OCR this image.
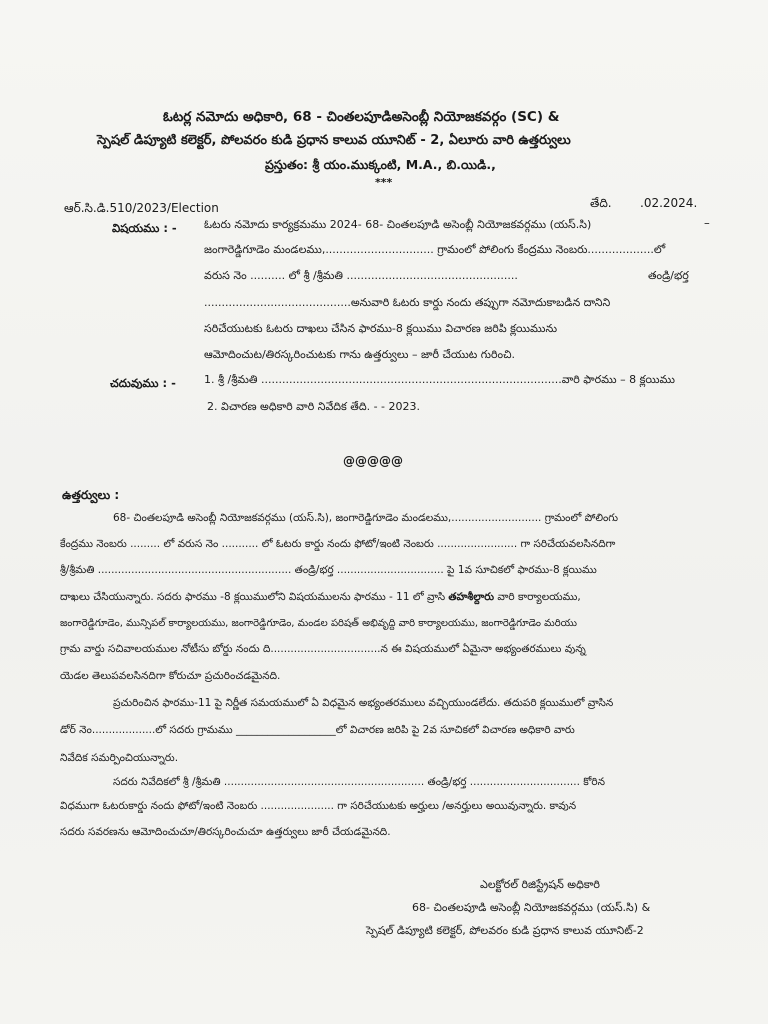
ఓటర్ల నమోదు అధికారి, 68 - చింతలపూడిఅసెంబ్లీ నియోజకవర్గం (SC) &
స్పెషల్ డిప్యూటి కలెక్టర్, పోలవరం కుడి ప్రధాన కాలువ యూనిట్ - 2, ఏలూరు వారి ఉత్తర్వులు
ప్రస్తుతం: శ్రీ యం.ముక్కంటి, M.A., బి.యిడి.,
***
ఆర్.సి.డి.510/2023/Election	తేది. .02.2024.
విషయము : - ఓటరు నమోదు కార్యక్రమము 2024- 68- చింతలపూడి అసెంబ్లీ నియోజకవర్గము (యస్.సి)	–
జంగారెడ్డిగూడెం మండలము,............................... గ్రామంలో పోలింగు కేంద్రము నెంబరు...................లో
వరుస నెం .......... లో శ్రీ /శ్రీమతి .................................................	తండ్రి/భర్త
..........................................అనువారి ఓటరు కార్డు నందు తప్పుగా నమోదుకాబడిన దానిని
సరిచేయుటకు ఓటరు దాఖలు చేసిన ఫారము-8 క్లయిము విచారణ జరిపి క్లయిమును
ఆమోదించుట/తిరస్కరించుటకు గాను ఉత్తర్వులు – జారీ చేయుట గురించి.
చదువుము : -	1. శ్రీ /శ్రీమతి ......................................................................................వారి ఫారము – 8 క్లయిము
2. విచారణ అధికారి వారి నివేదిక తేది. - - 2023.
@@@@@
ఉత్తర్వులు :
68- చింతలపూడి అసెంబ్లీ నియోజకవర్గము (యస్.సి), జంగారెడ్డిగూడెం మండలము,........................... గ్రామంలో పోలింగు
కేంద్రము నెంబరు ......... లో వరుస నెం ........... లో ఓటరు కార్డు నందు ఫోటో/ఇంటి నెంబరు ........................ గా సరిచేయవలసినదిగా
శ్రీ/శ్రీమతి .......................................................... తండ్రి/భర్త ................................ పై 1వ సూచికలో ఫారము-8 క్లయిము
దాఖలు చేసియున్నారు. సదరు ఫారము -8 క్లయిములోని విషయములను ఫారము - 11 లో వ్రాసి తహశీల్దారు వారి కార్యాలయము,
జంగారెడ్డిగూడెం, మున్సిపల్ కార్యాలయము, జంగారెడ్డిగూడెం, మండల పరిషత్ అభివృద్ది వారి కార్యాలయము, జంగారెడ్డిగూడెం మరియు
గ్రామ వార్డు సచివాలయముల నోటీసు బోర్డు నందు ది.................................న ఈ విషయములో ఏమైనా అభ్యంతరములు వున్న
యెడల తెలుపవలసినదిగా కోరుచూ ప్రచురించడమైనది.
ప్రచురించిన ఫారము-11 పై నిర్ణీత సమయములో ఏ విధమైన అభ్యంతరములు వచ్చియుండలేదు. తదుపరి క్లయిములో వ్రాసిన
డోర్ నెం...................లో సదరు గ్రామము ___________________లో విచారణ జరిపి పై 2వ సూచికలో విచారణ అధికారి వారు
నివేదిక సమర్పించియున్నారు.
సదరు నివేదికలో శ్రీ /శ్రీమతి ............................................................ తండ్రి/భర్త ................................. కోరిన
విధముగా ఓటరుకార్డు నందు ఫోటో/ఇంటి నెంబరు ...................... గా సరిచేయుటకు అర్హులు /అనర్హులు అయివున్నారు. కావున
సదరు సవరణను ఆమోదించుచూ/తిరస్కరించుచూ ఉత్తర్వులు జారీ చేయడమైనది.
ఎలక్టోరల్ రిజిస్ట్రేషన్ అధికారి
68- చింతలపూడి అసెంబ్లీ నియోజకవర్గము (యస్.సి) &
స్పెషల్ డిప్యూటి కలెక్టర్, పోలవరం కుడి ప్రధాన కాలువ యూనిట్-2
